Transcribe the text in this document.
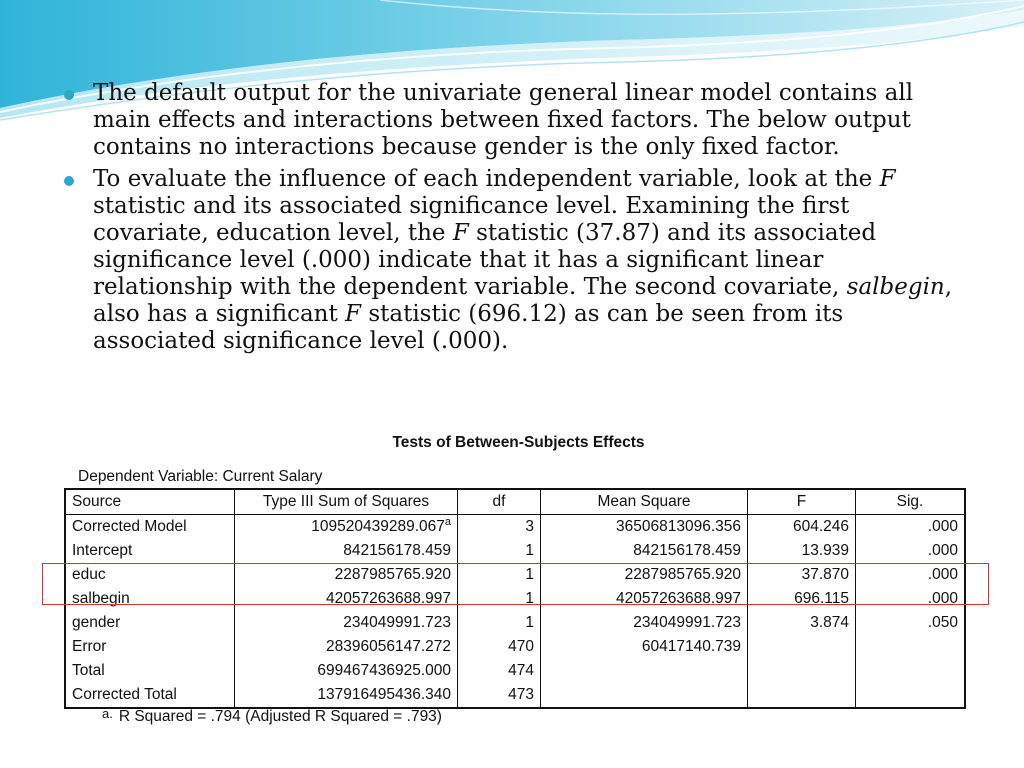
The default output for the univariate general linear model contains all main effects and interactions between fixed factors. The below output contains no interactions because gender is the only fixed factor.
To evaluate the influence of each independent variable, look at the F statistic and its associated significance level. Examining the first covariate, education level, the F statistic (37.87) and its associated significance level (.000) indicate that it has a significant linear relationship with the dependent variable. The second covariate, salbegin, also has a significant F statistic (696.12) as can be seen from its associated significance level (.000).
Tests of Between-Subjects Effects
Dependent Variable: Current Salary
Source	Type III Sum of Squares	df	Mean Square	F	Sig.
Corrected Model	109520439289.067$^a$	3	36506813096.356	604.246	.000
Intercept	842156178.459	1	842156178.459	13.939	.000
educ	2287985765.920	1	2287985765.920	37.870	.000
salbegin	42057263688.997	1	42057263688.997	696.115	.000
gender	234049991.723	1	234049991.723	3.874	.050
Error	28396056147.272	470	60417140.739		
Total	699467436925.000	474			
Corrected Total	137916495436.340	473			
a. R Squared = .794 (Adjusted R Squared = .793)
